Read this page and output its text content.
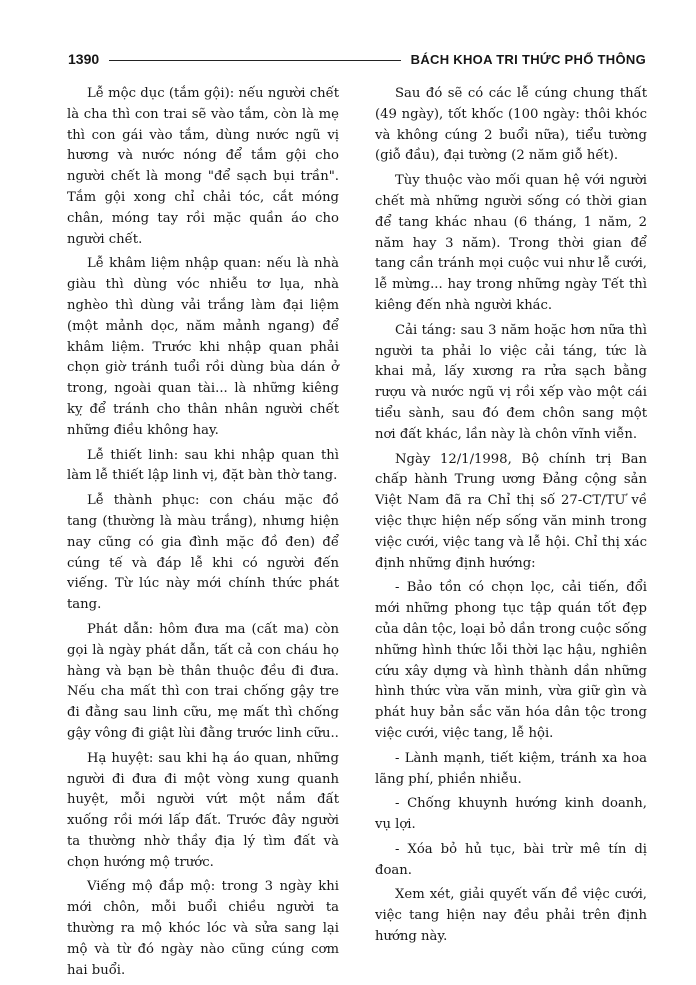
1390	BÁCH KHOA TRI THỨC PHỔ THÔNG

Lễ mộc dục (tắm gội): nếu người chết là cha thì con trai sẽ vào tắm, còn là mẹ thì con gái vào tắm, dùng nước ngũ vị hương và nước nóng để tắm gội cho người chết là mong "để sạch bụi trần". Tắm gội xong chỉ chải tóc, cắt móng chân, móng tay rồi mặc quần áo cho người chết.

Lễ khâm liệm nhập quan: nếu là nhà giàu thì dùng vóc nhiễu tơ lụa, nhà nghèo thì dùng vải trắng làm đại liệm (một mảnh dọc, năm mảnh ngang) để khâm liệm. Trước khi nhập quan phải chọn giờ tránh tuổi rồi dùng bùa dán ở trong, ngoài quan tài... là những kiêng kỵ để tránh cho thân nhân người chết những điều không hay.

Lễ thiết linh: sau khi nhập quan thì làm lễ thiết lập linh vị, đặt bàn thờ tang.

Lễ thành phục: con cháu mặc đồ tang (thường là màu trắng), nhưng hiện nay cũng có gia đình mặc đồ đen) để cúng tế và đáp lễ khi có người đến viếng. Từ lúc này mới chính thức phát tang.

Phát dẫn: hôm đưa ma (cất ma) còn gọi là ngày phát dẫn, tất cả con cháu họ hàng và bạn bè thân thuộc đều đi đưa. Nếu cha mất thì con trai chống gậy tre đi đằng sau linh cữu, mẹ mất thì chống gậy vông đi giật lùi đằng trước linh cữu..

Hạ huyệt: sau khi hạ áo quan, những người đi đưa đi một vòng xung quanh huyệt, mỗi người vứt một nắm đất xuống rồi mới lấp đất. Trước đây người ta thường nhờ thầy địa lý tìm đất và chọn hướng mộ trước.

Viếng mộ đắp mộ: trong 3 ngày khi mới chôn, mỗi buổi chiều người ta thường ra mộ khóc lóc và sửa sang lại mộ và từ đó ngày nào cũng cúng cơm hai buổi.

Sau đó sẽ có các lễ cúng chung thất (49 ngày), tốt khốc (100 ngày: thôi khóc và không cúng 2 buổi nữa), tiểu tường (giỗ đầu), đại tường (2 năm giỗ hết).

Tùy thuộc vào mối quan hệ với người chết mà những người sống có thời gian để tang khác nhau (6 tháng, 1 năm, 2 năm hay 3 năm). Trong thời gian để tang cần tránh mọi cuộc vui như lễ cưới, lễ mừng... hay trong những ngày Tết thì kiêng đến nhà người khác.

Cải táng: sau 3 năm hoặc hơn nữa thì người ta phải lo việc cải táng, tức là khai mả, lấy xương ra rửa sạch bằng rượu và nước ngũ vị rồi xếp vào một cái tiểu sành, sau đó đem chôn sang một nơi đất khác, lần này là chôn vĩnh viễn.

Ngày 12/1/1998, Bộ chính trị Ban chấp hành Trung ương Đảng cộng sản Việt Nam đã ra Chỉ thị số 27-CT/TƯ về việc thực hiện nếp sống văn minh trong việc cưới, việc tang và lễ hội. Chỉ thị xác định những định hướng:

- Bảo tồn có chọn lọc, cải tiến, đổi mới những phong tục tập quán tốt đẹp của dân tộc, loại bỏ dần trong cuộc sống những hình thức lỗi thời lạc hậu, nghiên cứu xây dựng và hình thành dần những hình thức vừa văn minh, vừa giữ gìn và phát huy bản sắc văn hóa dân tộc trong việc cưới, việc tang, lễ hội.

- Lành mạnh, tiết kiệm, tránh xa hoa lãng phí, phiền nhiễu.

- Chống khuynh hướng kinh doanh, vụ lợi.

- Xóa bỏ hủ tục, bài trừ mê tín dị đoan.

Xem xét, giải quyết vấn đề việc cưới, việc tang hiện nay đều phải trên định hướng này.
